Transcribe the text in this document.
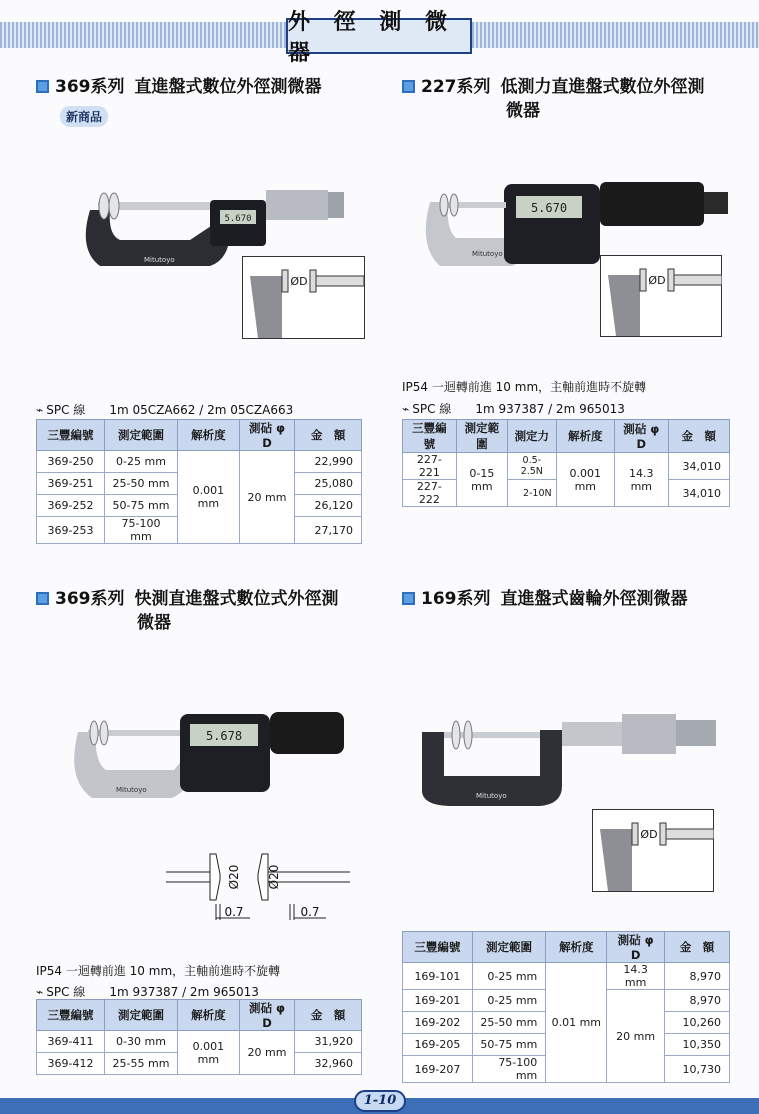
外 徑 測 微 器
369系列 直進盤式數位外徑測微器
新商品
5.670
Mitutoyo
ØD
⌁ SPC 線　　 1m 05CZA662 / 2m 05CZA663
三豐編號	測定範圍	解析度	測砧 φ D	金　額
369-250	0-25 mm	0.001 mm	20 mm	22,990
369-251	25-50 mm			25,080
369-252	50-75 mm			26,120
369-253	75-100 mm			27,170
227系列 低測力直進盤式數位外徑測
微器
5.670
Mitutoyo
ØD
IP54 一迴轉前進 10 mm，主軸前進時不旋轉
⌁ SPC 線　　 1m 937387 / 2m 965013
三豐編號	測定範圍	測定力	解析度	測砧 φ D	金　額
227-221	0-15 mm	0.5-2.5N	0.001 mm	14.3 mm	34,010
227-222		2-10N			34,010
369系列 快測直進盤式數位式外徑測
微器
5.678
Mitutoyo
Ø20 Ø20
0.7	0.7
IP54 一迴轉前進 10 mm，主軸前進時不旋轉
⌁ SPC 線　　 1m 937387 / 2m 965013
三豐編號	測定範圍	解析度	測砧 φ D	金　額
369-411	0-30 mm	0.001 mm	20 mm	31,920
369-412	25-55 mm			32,960
169系列 直進盤式齒輪外徑測微器
Mitutoyo
ØD
三豐編號	測定範圍	解析度	測砧 φ D	金　額
169-101	0-25 mm	0.01 mm	14.3 mm	8,970
169-201	0-25 mm		20 mm	8,970
169-202	25-50 mm			10,260
169-205	50-75 mm			10,350
169-207	75-100 mm			10,730
1-10
